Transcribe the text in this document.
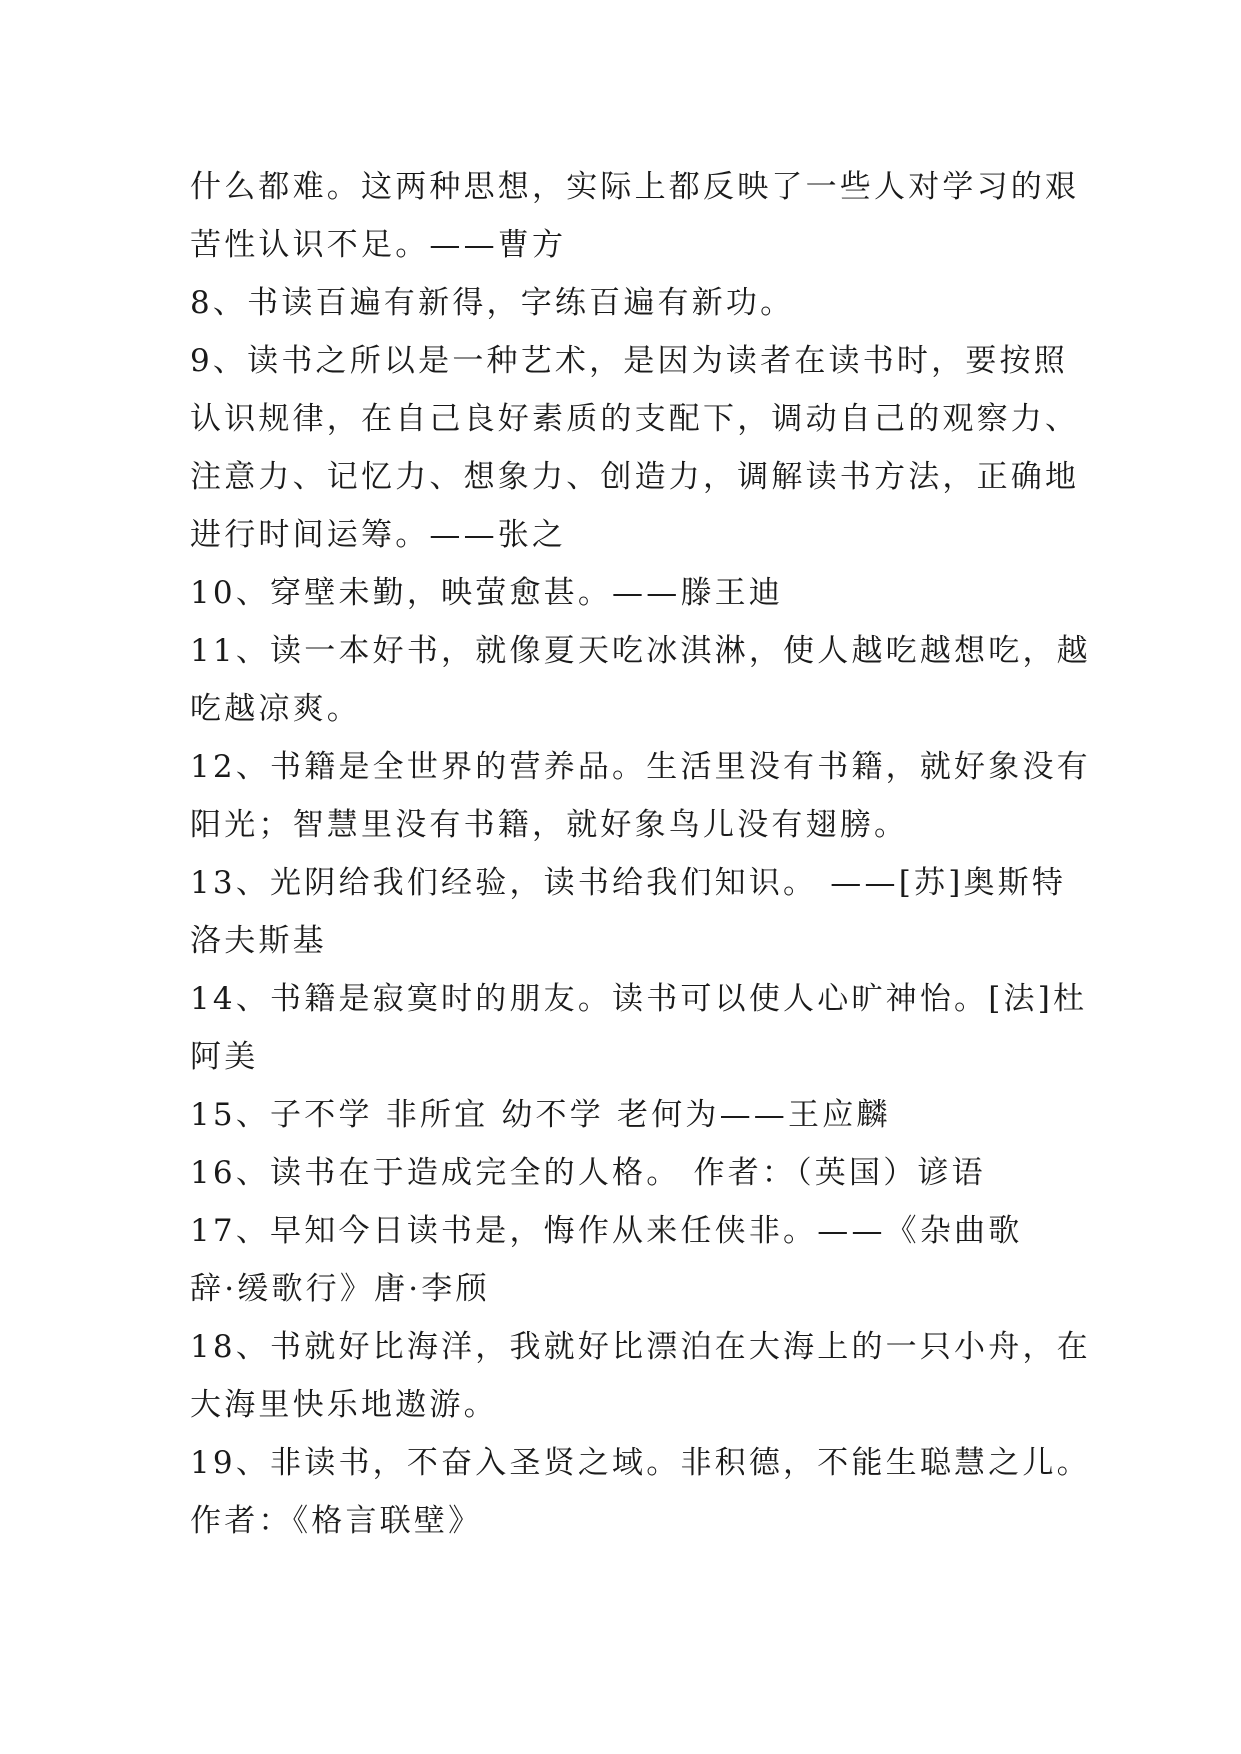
什么都难。这两种思想，实际上都反映了一些人对学习的艰
苦性认识不足。——曹方
8、书读百遍有新得，字练百遍有新功。
9、读书之所以是一种艺术，是因为读者在读书时，要按照
认识规律，在自己良好素质的支配下，调动自己的观察力、
注意力、记忆力、想象力、创造力，调解读书方法，正确地
进行时间运筹。——张之
10、穿壁未勤，映萤愈甚。——滕王迪
11、读一本好书，就像夏天吃冰淇淋，使人越吃越想吃，越
吃越凉爽。
12、书籍是全世界的营养品。生活里没有书籍，就好象没有
阳光；智慧里没有书籍，就好象鸟儿没有翅膀。
13、光阴给我们经验，读书给我们知识。 ——[苏]奥斯特
洛夫斯基
14、书籍是寂寞时的朋友。读书可以使人心旷神怡。[法]杜
阿美
15、子不学 非所宜 幼不学 老何为——王应麟
16、读书在于造成完全的人格。 作者：（英国）谚语
17、早知今日读书是，悔作从来任侠非。——《杂曲歌
辞·缓歌行》唐·李颀
18、书就好比海洋，我就好比漂泊在大海上的一只小舟，在
大海里快乐地遨游。
19、非读书，不奋入圣贤之域。非积德，不能生聪慧之儿。
作者：《格言联壁》
